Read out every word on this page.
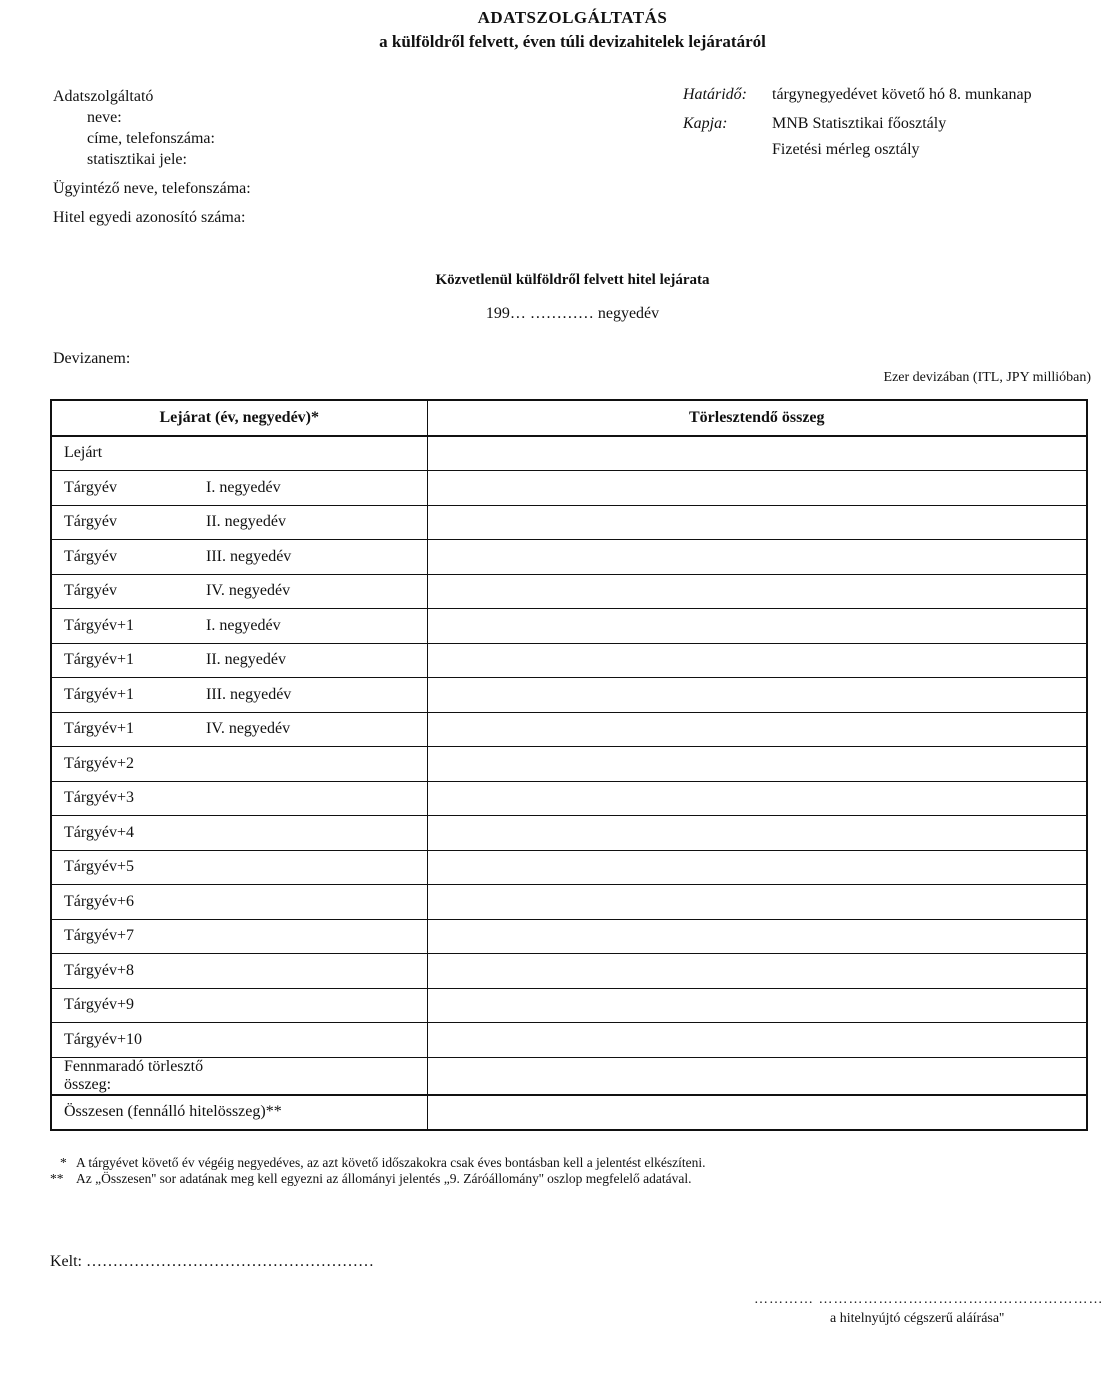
ADATSZOLGÁLTATÁS
a külföldről felvett, éven túli devizahitelek lejáratáról
Adatszolgáltató
neve:
címe, telefonszáma:
statisztikai jele:
Ügyintéző neve, telefonszáma:
Hitel egyedi azonosító száma:
Határidő: tárgynegyedévet követő hó 8. munkanap
Kapja:	MNB Statisztikai főosztály
Fizetési mérleg osztály
Közvetlenül külföldről felvett hitel lejárata
199… ………… negyedév
Devizanem:
Ezer devizában (ITL, JPY millióban)
Lejárat (év, negyedév)*	Törlesztendő összeg
Lejárt	
Tárgyév I. negyedév	
Tárgyév II. negyedév	
Tárgyév III. negyedév	
Tárgyév IV. negyedév	
Tárgyév+1 I. negyedév	
Tárgyév+1 II. negyedév	
Tárgyév+1 III. negyedév	
Tárgyév+1 IV. negyedév	
Tárgyév+2	
Tárgyév+3	
Tárgyév+4	
Tárgyév+5	
Tárgyév+6	
Tárgyév+7	
Tárgyév+8	
Tárgyév+9	
Tárgyév+10	
Fennmaradó törlesztő összeg:	
Összesen (fennálló hitelösszeg)**	
* A tárgyévet követő év végéig negyedéves, az azt követő időszakokra csak éves bontásban kell a jelentést elkészíteni.
** Az „Összesen'' sor adatának meg kell egyezni az állományi jelentés „9. Záróállomány'' oszlop megfelelő adatával.
Kelt: ………………………………………………
………… …………………………………………………
a hitelnyújtó cégszerű aláírása''
